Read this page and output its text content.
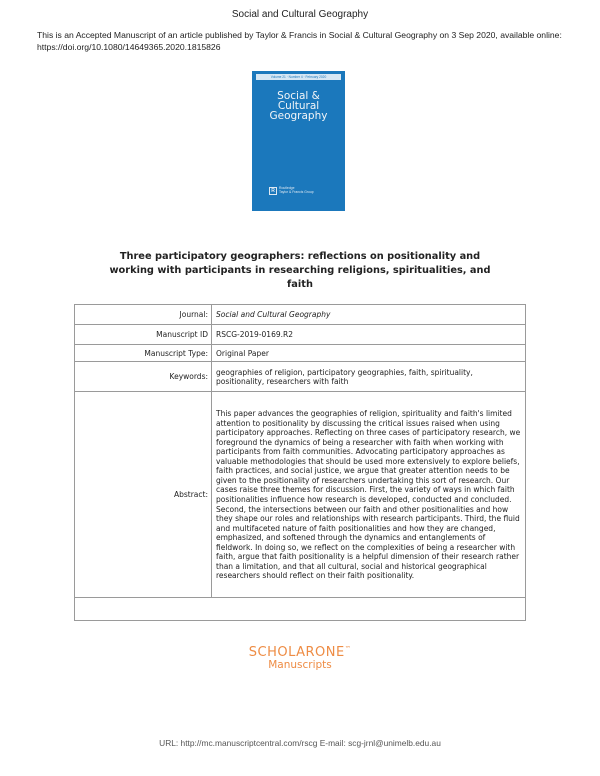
Social and Cultural Geography
This is an Accepted Manuscript of an article published by Taylor & Francis in Social & Cultural Geography on 3 Sep 2020, available online: https://doi.org/10.1080/14649365.2020.1815826
Volume 21 · Number 4 · February 2020
Social &
Cultural
Geography
R	Routledge
Taylor & Francis Group
Three participatory geographers: reflections on positionality and working with participants in researching religions, spiritualities, and faith
Journal:	Social and Cultural Geography
Manuscript ID	RSCG-2019-0169.R2
Manuscript Type:	Original Paper
Keywords:	geographies of religion, participatory geographies, faith, spirituality, positionality, researchers with faith

Abstract:	This paper advances the geographies of religion, spirituality and faith's limited attention to positionality by discussing the critical issues raised when using participatory approaches. Reflecting on three cases of participatory research, we foreground the dynamics of being a researcher with faith when working with participants from faith communities. Advocating participatory approaches as valuable methodologies that should be used more extensively to explore beliefs, faith practices, and social justice, we argue that greater attention needs to be given to the positionality of researchers undertaking this sort of research. Our cases raise three themes for discussion. First, the variety of ways in which faith positionalities influence how research is developed, conducted and concluded. Second, the intersections between our faith and other positionalities and how they shape our roles and relationships with research participants. Third, the fluid and multifaceted nature of faith positionalities and how they are changed, emphasized, and softened through the dynamics and entanglements of fieldwork. In doing so, we reflect on the complexities of being a researcher with faith, argue that faith positionality is a helpful dimension of their research rather than a limitation, and that all cultural, social and historical geographical researchers should reflect on their faith positionality.

SCHOLARONE™
Manuscripts
URL: http://mc.manuscriptcentral.com/rscg E-mail: scg-jrnl@unimelb.edu.au
